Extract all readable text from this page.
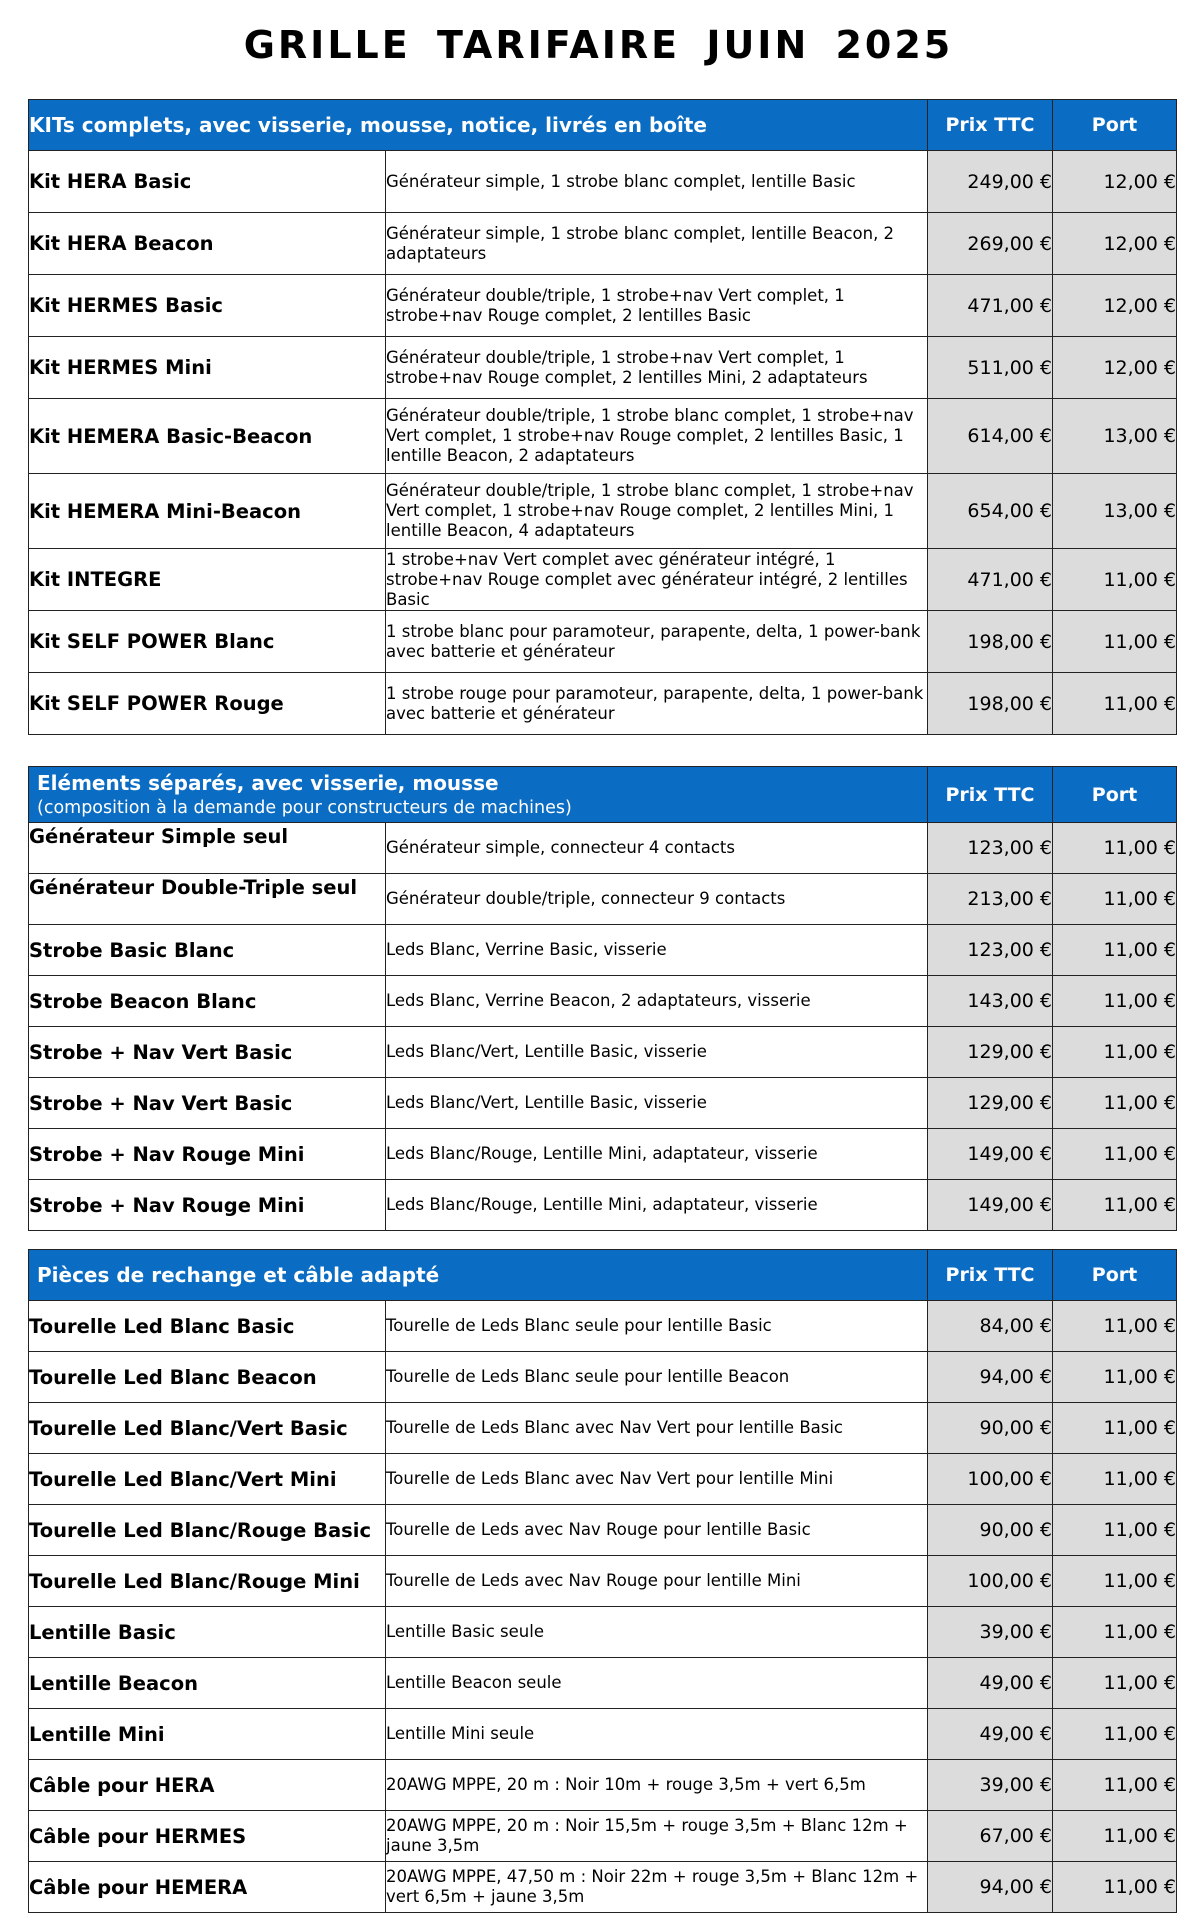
GRILLE TARIFAIRE JUIN 2025
KITs complets, avec visserie, mousse, notice, livrés en boîte		Prix TTC	Port
Kit HERA Basic	Générateur simple, 1 strobe blanc complet, lentille Basic	249,00 €	12,00 €
Kit HERA Beacon	Générateur simple, 1 strobe blanc complet, lentille Beacon, 2 adaptateurs	269,00 €	12,00 €
Kit HERMES Basic	Générateur double/triple, 1 strobe+nav Vert complet, 1 strobe+nav Rouge complet, 2 lentilles Basic	471,00 €	12,00 €
Kit HERMES Mini	Générateur double/triple, 1 strobe+nav Vert complet, 1 strobe+nav Rouge complet, 2 lentilles Mini, 2 adaptateurs	511,00 €	12,00 €
Kit HEMERA Basic-Beacon	Générateur double/triple, 1 strobe blanc complet, 1 strobe+nav Vert complet, 1 strobe+nav Rouge complet, 2 lentilles Basic, 1 lentille Beacon, 2 adaptateurs	614,00 €	13,00 €
Kit HEMERA Mini-Beacon	Générateur double/triple, 1 strobe blanc complet, 1 strobe+nav Vert complet, 1 strobe+nav Rouge complet, 2 lentilles Mini, 1 lentille Beacon, 4 adaptateurs	654,00 €	13,00 €
Kit INTEGRE	1 strobe+nav Vert complet avec générateur intégré, 1 strobe+nav Rouge complet avec générateur intégré, 2 lentilles Basic	471,00 €	11,00 €
Kit SELF POWER Blanc	1 strobe blanc pour paramoteur, parapente, delta, 1 power-bank avec batterie et générateur	198,00 €	11,00 €
Kit SELF POWER Rouge	1 strobe rouge pour paramoteur, parapente, delta, 1 power-bank avec batterie et générateur	198,00 €	11,00 €
Eléments séparés, avec visserie, mousse
(composition à la demande pour constructeurs de machines)		Prix TTC	Port
Générateur Simple seul	Générateur simple, connecteur 4 contacts	123,00 €	11,00 €
Générateur Double-Triple seul	Générateur double/triple, connecteur 9 contacts	213,00 €	11,00 €
Strobe Basic Blanc	Leds Blanc, Verrine Basic, visserie	123,00 €	11,00 €
Strobe Beacon Blanc	Leds Blanc, Verrine Beacon, 2 adaptateurs, visserie	143,00 €	11,00 €
Strobe + Nav Vert Basic	Leds Blanc/Vert, Lentille Basic, visserie	129,00 €	11,00 €
Strobe + Nav Vert Basic	Leds Blanc/Vert, Lentille Basic, visserie	129,00 €	11,00 €
Strobe + Nav Rouge Mini	Leds Blanc/Rouge, Lentille Mini, adaptateur, visserie	149,00 €	11,00 €
Strobe + Nav Rouge Mini	Leds Blanc/Rouge, Lentille Mini, adaptateur, visserie	149,00 €	11,00 €
Pièces de rechange et câble adapté		Prix TTC	Port
Tourelle Led Blanc Basic	Tourelle de Leds Blanc seule pour lentille Basic	84,00 €	11,00 €
Tourelle Led Blanc Beacon	Tourelle de Leds Blanc seule pour lentille Beacon	94,00 €	11,00 €
Tourelle Led Blanc/Vert Basic	Tourelle de Leds Blanc avec Nav Vert pour lentille Basic	90,00 €	11,00 €
Tourelle Led Blanc/Vert Mini	Tourelle de Leds Blanc avec Nav Vert pour lentille Mini	100,00 €	11,00 €
Tourelle Led Blanc/Rouge Basic	Tourelle de Leds avec Nav Rouge pour lentille Basic	90,00 €	11,00 €
Tourelle Led Blanc/Rouge Mini	Tourelle de Leds avec Nav Rouge pour lentille Mini	100,00 €	11,00 €
Lentille Basic	Lentille Basic seule	39,00 €	11,00 €
Lentille Beacon	Lentille Beacon seule	49,00 €	11,00 €
Lentille Mini	Lentille Mini seule	49,00 €	11,00 €
Câble pour HERA	20AWG MPPE, 20 m : Noir 10m + rouge 3,5m + vert 6,5m	39,00 €	11,00 €
Câble pour HERMES	20AWG MPPE, 20 m : Noir 15,5m + rouge 3,5m + Blanc 12m + jaune 3,5m	67,00 €	11,00 €
Câble pour HEMERA	20AWG MPPE, 47,50 m : Noir 22m + rouge 3,5m + Blanc 12m + vert 6,5m + jaune 3,5m	94,00 €	11,00 €
